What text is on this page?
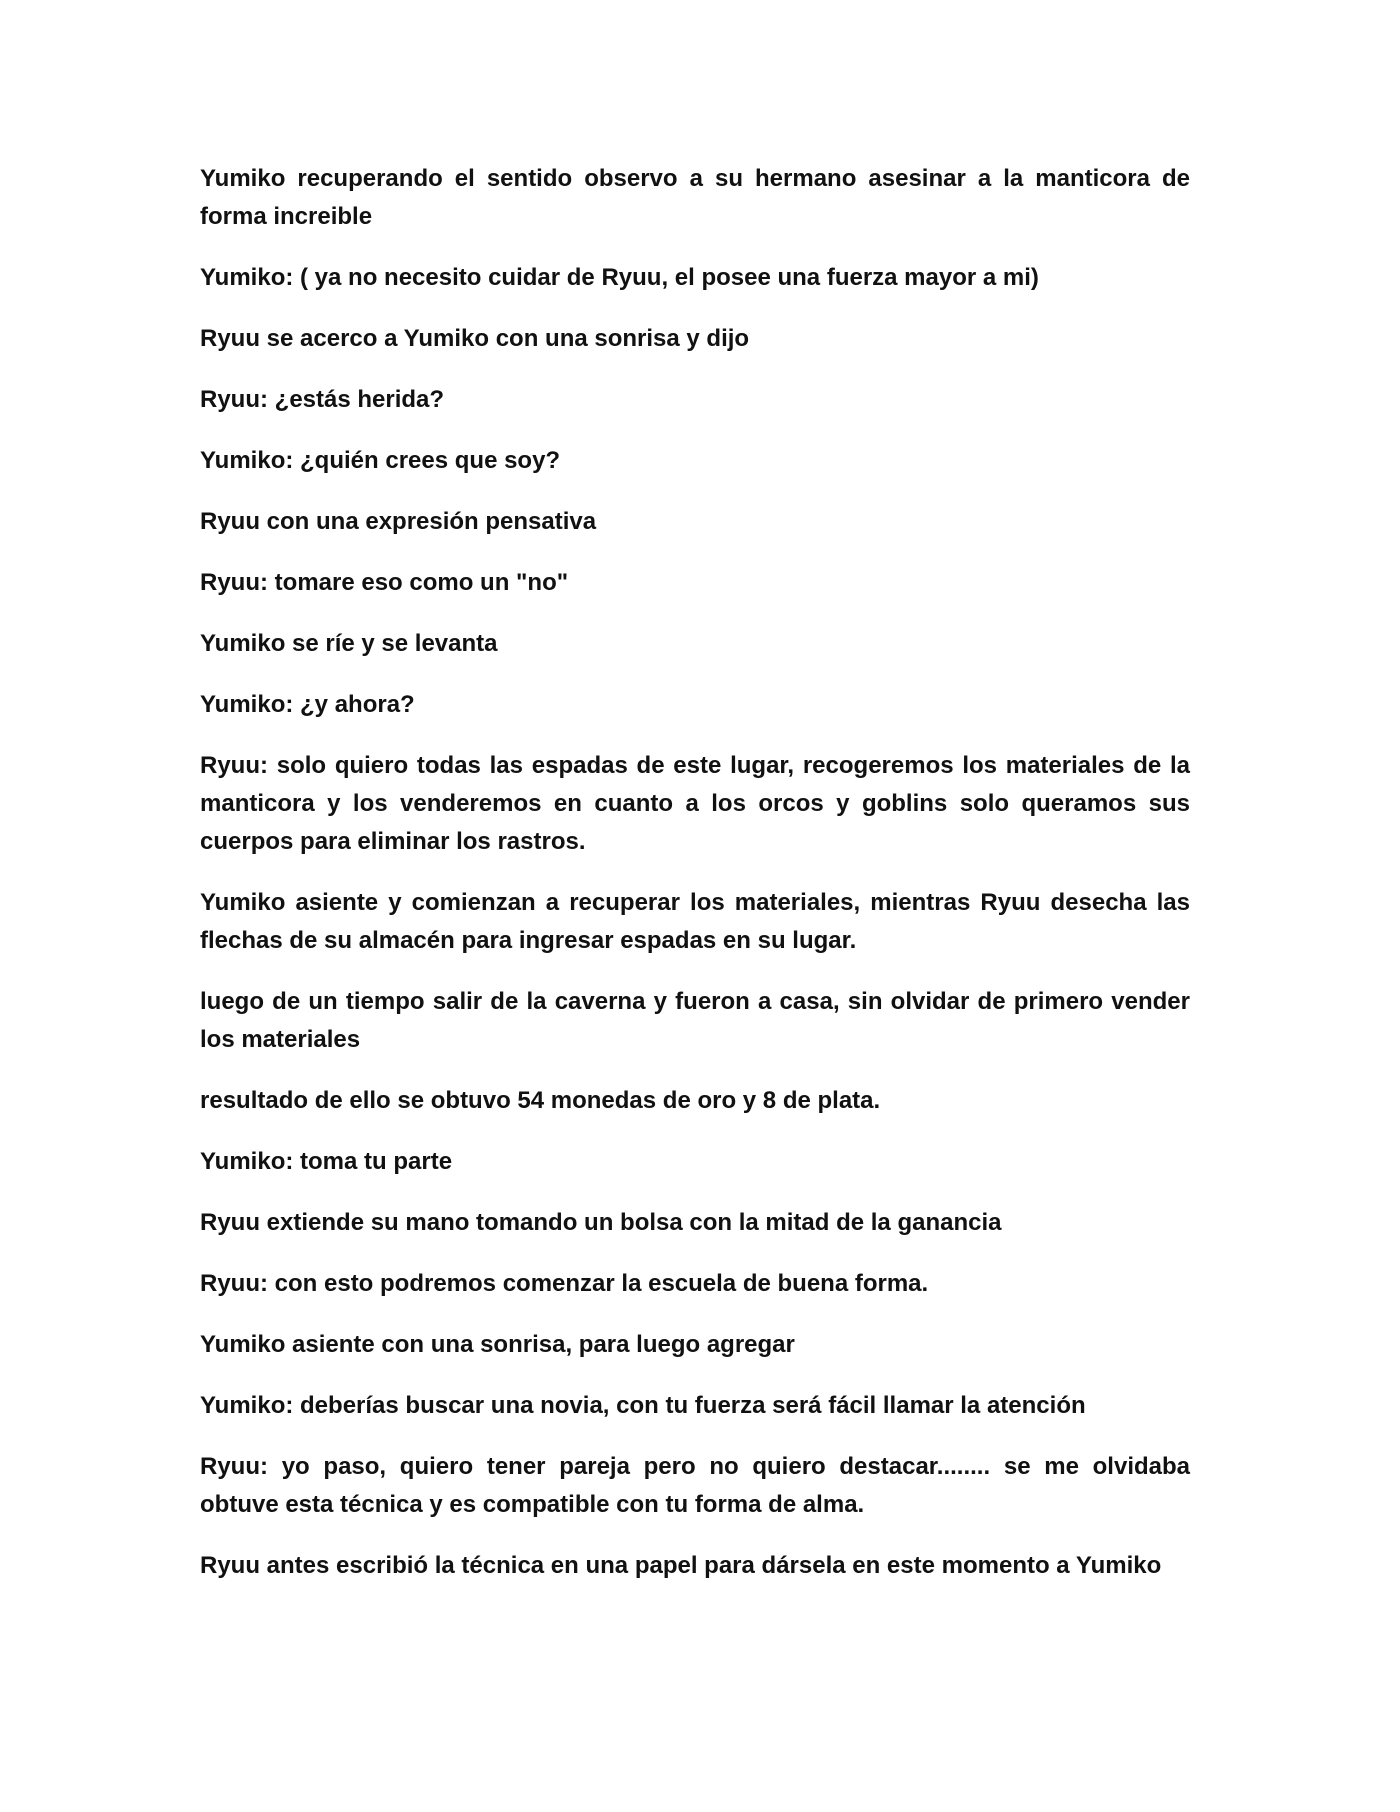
Yumiko recuperando el sentido observo a su hermano asesinar a la manticora de forma increible

Yumiko: ( ya no necesito cuidar de Ryuu, el posee una fuerza mayor a mi)

Ryuu se acerco a Yumiko con una sonrisa y dijo

Ryuu: ¿estás herida?

Yumiko: ¿quién crees que soy?

Ryuu con una expresión pensativa

Ryuu: tomare eso como un "no"

Yumiko se ríe y se levanta

Yumiko: ¿y ahora?

Ryuu: solo quiero todas las espadas de este lugar, recogeremos los materiales de la manticora y los venderemos en cuanto a los orcos y goblins solo queramos sus cuerpos para eliminar los rastros.

Yumiko asiente y comienzan a recuperar los materiales, mientras Ryuu desecha las flechas de su almacén para ingresar espadas en su lugar.

luego de un tiempo salir de la caverna y fueron a casa, sin olvidar de primero vender los materiales

resultado de ello se obtuvo 54 monedas de oro y 8 de plata.

Yumiko: toma tu parte

Ryuu extiende su mano tomando un bolsa con la mitad de la ganancia

Ryuu: con esto podremos comenzar la escuela de buena forma.

Yumiko asiente con una sonrisa, para luego agregar

Yumiko: deberías buscar una novia, con tu fuerza será fácil llamar la atención

Ryuu: yo paso, quiero tener pareja pero no quiero destacar........ se me olvidaba obtuve esta técnica y es compatible con tu forma de alma.

Ryuu antes escribió la técnica en una papel para dársela en este momento a Yumiko
